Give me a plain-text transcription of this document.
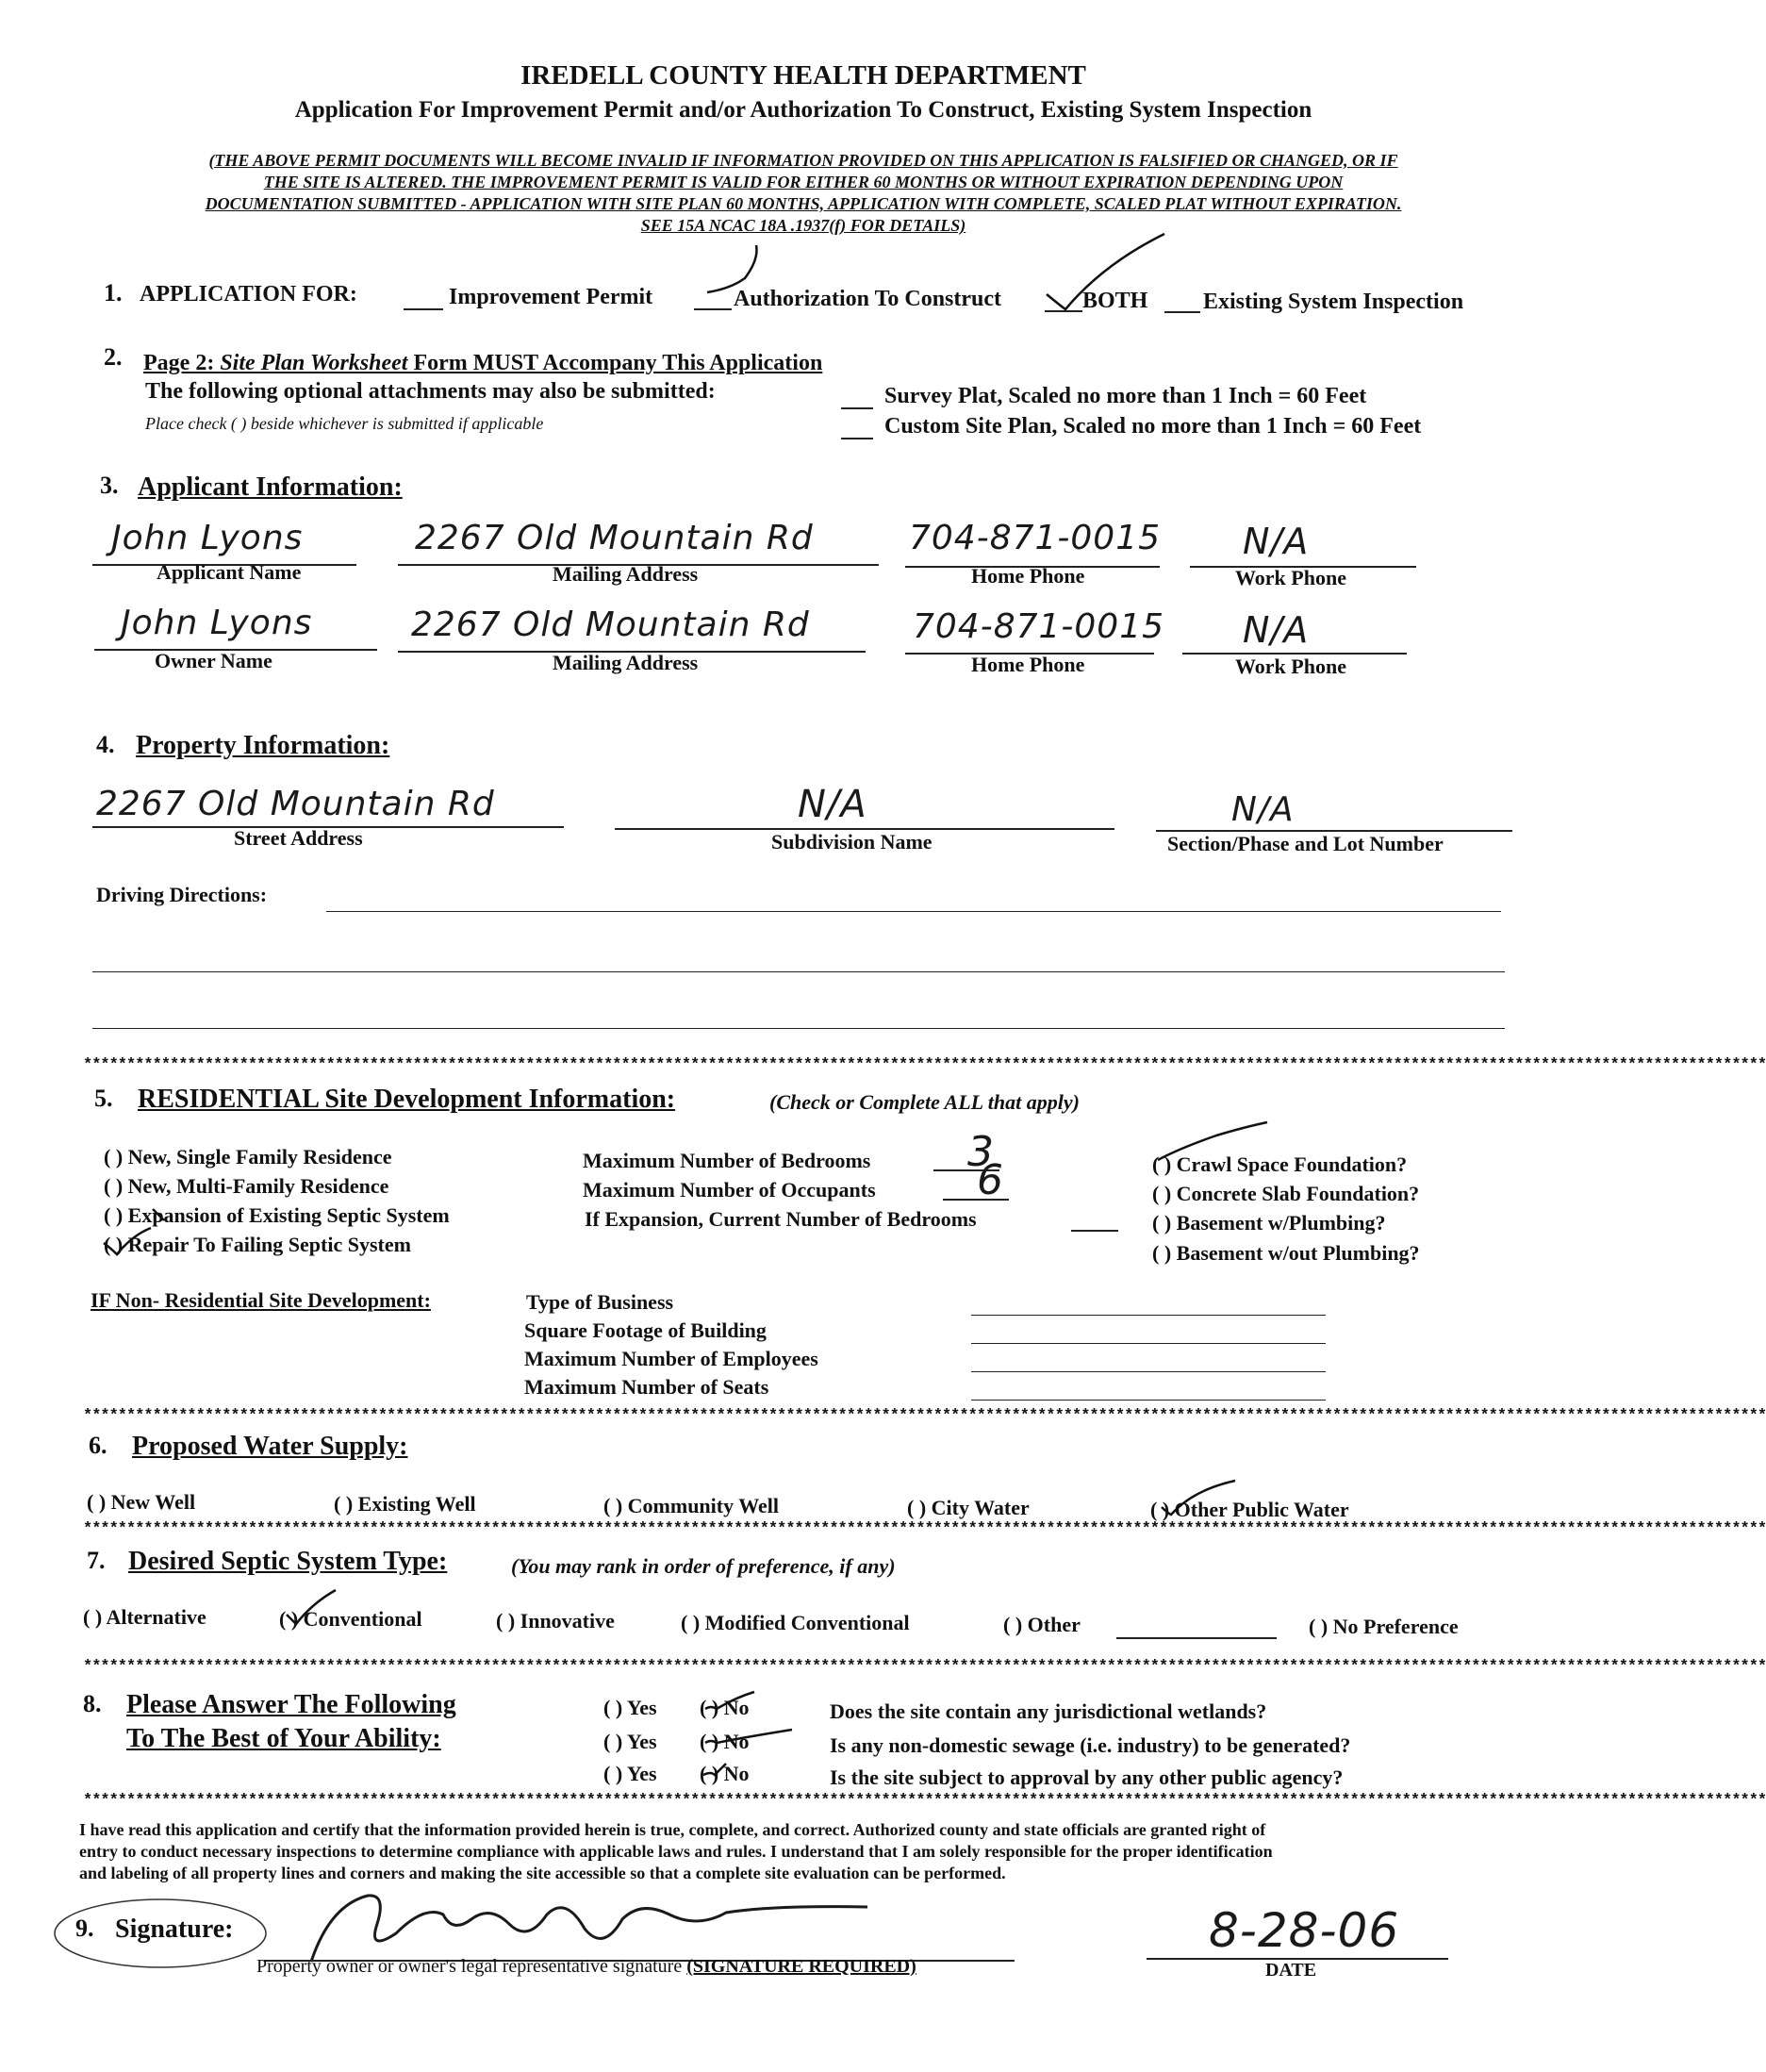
IREDELL COUNTY HEALTH DEPARTMENT
Application For Improvement Permit and/or Authorization To Construct, Existing System Inspection
(THE ABOVE PERMIT DOCUMENTS WILL BECOME INVALID IF INFORMATION PROVIDED ON THIS APPLICATION IS FALSIFIED OR CHANGED, OR IF
THE SITE IS ALTERED. THE IMPROVEMENT PERMIT IS VALID FOR EITHER 60 MONTHS OR WITHOUT EXPIRATION DEPENDING UPON
DOCUMENTATION SUBMITTED - APPLICATION WITH SITE PLAN 60 MONTHS, APPLICATION WITH COMPLETE, SCALED PLAT WITHOUT EXPIRATION.
SEE 15A NCAC 18A .1937(f) FOR DETAILS)
1. APPLICATION FOR:	Improvement Permit	Authorization To Construct	BOTH Existing System Inspection
2. Page 2: Site Plan Worksheet Form MUST Accompany This Application
The following optional attachments may also be submitted:
Place check ( ) beside whichever is submitted if applicable
Survey Plat, Scaled no more than 1 Inch = 60 Feet
Custom Site Plan, Scaled no more than 1 Inch = 60 Feet
3. Applicant Information:
John Lyons
Applicant Name
2267 Old Mountain Rd
Mailing Address
704-871-0015
Home Phone
N/A
Work Phone
John Lyons
Owner Name
2267 Old Mountain Rd
Mailing Address
704-871-0015
Home Phone
N/A
Work Phone
4. Property Information:
2267 Old Mountain Rd
Street Address
N/A
Subdivision Name
N/A
Section/Phase and Lot Number
Driving Directions:
**************************************************************************************************************************************************************************************************
5. RESIDENTIAL Site Development Information:	(Check or Complete ALL that apply)
( ) New, Single Family Residence
( ) New, Multi-Family Residence
( ) Expansion of Existing Septic System
( ) Repair To Failing Septic System
Maximum Number of Bedrooms 3
Maximum Number of Occupants 6
If Expansion, Current Number of Bedrooms
( ) Crawl Space Foundation?
( ) Concrete Slab Foundation?
( ) Basement w/Plumbing?
( ) Basement w/out Plumbing?
IF Non- Residential Site Development:	Type of Business
Square Footage of Building
Maximum Number of Employees
Maximum Number of Seats
**************************************************************************************************************************************************************************************************
6. Proposed Water Supply:
( ) New Well	( ) Existing Well	( ) Community Well	( ) City Water	( ) Other Public Water
**************************************************************************************************************************************************************************************************
7. Desired Septic System Type:	(You may rank in order of preference, if any)
( ) Alternative	( ) Conventional	( ) Innovative	( ) Modified Conventional	( ) Other	( ) No Preference
**************************************************************************************************************************************************************************************************
8. Please Answer The Following
To The Best of Your Ability:
( ) Yes ( ) No	Does the site contain any jurisdictional wetlands?
( ) Yes ( ) No	Is any non-domestic sewage (i.e. industry) to be generated?
( ) Yes ( ) No	Is the site subject to approval by any other public agency?
**************************************************************************************************************************************************************************************************
I have read this application and certify that the information provided herein is true, complete, and correct. Authorized county and state officials are granted right of
entry to conduct necessary inspections to determine compliance with applicable laws and rules. I understand that I am solely responsible for the proper identification
and labeling of all property lines and corners and making the site accessible so that a complete site evaluation can be performed.
9. Signature:
Property owner or owner's legal representative signature (SIGNATURE REQUIRED)
8-28-06
DATE
